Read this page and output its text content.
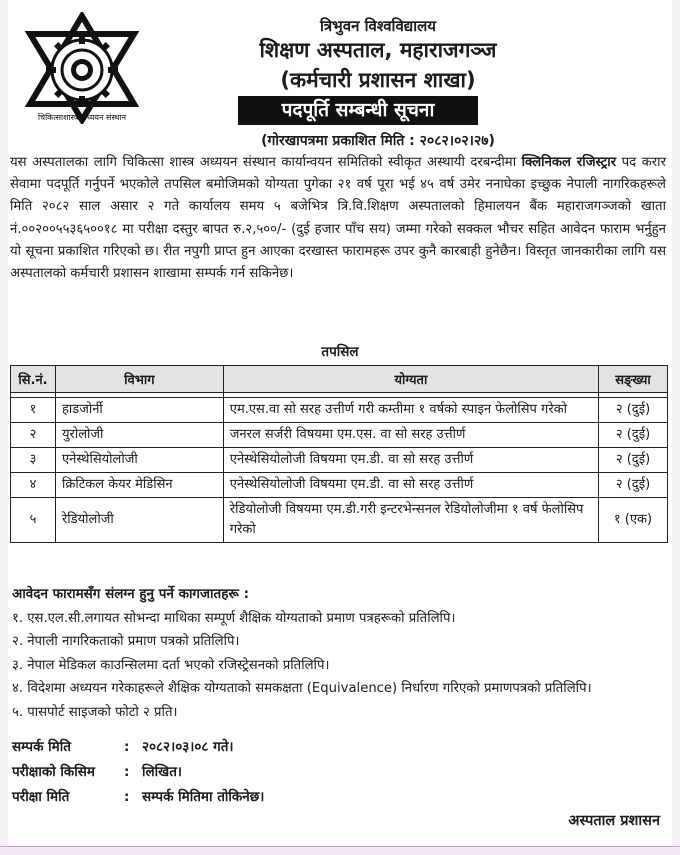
चिकित्साशास्त्र अध्ययन संस्थान
त्रिभुवन विश्वविद्यालय
शिक्षण अस्पताल, महाराजगञ्ज
(कर्मचारी प्रशासन शाखा)
पदपूर्ति सम्बन्धी सूचना
(गोरखापत्रमा प्रकाशित मिति : २०८२।०२।२७)
यस अस्पतालका लागि चिकित्सा शास्त्र अध्ययन संस्थान कार्यान्वयन समितिको स्वीकृत अस्थायी दरबन्दीमा क्लिनिकल रजिस्ट्रार पद करार सेवामा पदपूर्ति गर्नुपर्ने भएकोले तपसिल बमोजिमको योग्यता पुगेका २१ वर्ष पूरा भई ४५ वर्ष उमेर ननाघेका इच्छुक नेपाली नागरिकहरूले मिति २०८२ साल असार २ गते कार्यालय समय ५ बजेभित्र त्रि.वि.शिक्षण अस्पतालको हिमालयन बैंक महाराजगञ्जको खाता नं.००२००५५३६५००१८ मा परीक्षा दस्तुर बापत रु.२,५००/- (दुई हजार पाँच सय) जम्मा गरेको सक्कल भौचर सहित आवेदन फाराम भर्नुहुन यो सूचना प्रकाशित गरिएको छ। रीत नपुगी प्राप्त हुन आएका दरखास्त फारामहरू उपर कुनै कारबाही हुनेछैन। विस्तृत जानकारीका लागि यस अस्पतालको कर्मचारी प्रशासन शाखामा सम्पर्क गर्न सकिनेछ।
तपसिल
सि.नं.	विभाग	योग्यता	सङ्ख्या

१	हाडजोर्नी	एम.एस.वा सो सरह उत्तीर्ण गरी कम्तीमा १ वर्षको स्पाइन फेलोसिप गरेको	२ (दुई)
२	युरोलोजी	जनरल सर्जरी विषयमा एम.एस. वा सो सरह उत्तीर्ण	२ (दुई)
३	एनेस्थेसियोलोजी	एनेस्थेसियोलोजी विषयमा एम.डी. वा सो सरह उत्तीर्ण	२ (दुई)
४	क्रिटिकल केयर मेडिसिन	एनेस्थेसियोलोजी विषयमा एम.डी. वा सो सरह उत्तीर्ण	२ (दुई)
५	रेडियोलोजी	रेडियोलोजी विषयमा एम.डी.गरी इन्टरभेन्सनल रेडियोलोजीमा १ वर्ष फेलोसिप गरेको	१ (एक)
आवेदन फारामसँग संलग्न हुनु पर्ने कागजातहरू :
१. एस.एल.सी.लगायत सोभन्दा माथिका सम्पूर्ण शैक्षिक योग्यताको प्रमाण पत्रहरूको प्रतिलिपि।
२. नेपाली नागरिकताको प्रमाण पत्रको प्रतिलिपि।
३. नेपाल मेडिकल काउन्सिलमा दर्ता भएको रजिस्ट्रेसनको प्रतिलिपि।
४. विदेशमा अध्ययन गरेकाहरूले शैक्षिक योग्यताको समकक्षता (Equivalence) निर्धारण गरिएको प्रमाणपत्रको प्रतिलिपि।
५. पासपोर्ट साइजको फोटो २ प्रति।
सम्पर्क मिति	: २०८२।०३।०८ गते।
परीक्षाको किसिम : लिखित।
परीक्षा मिति	: सम्पर्क मितिमा तोकिनेछ।
अस्पताल प्रशासन
